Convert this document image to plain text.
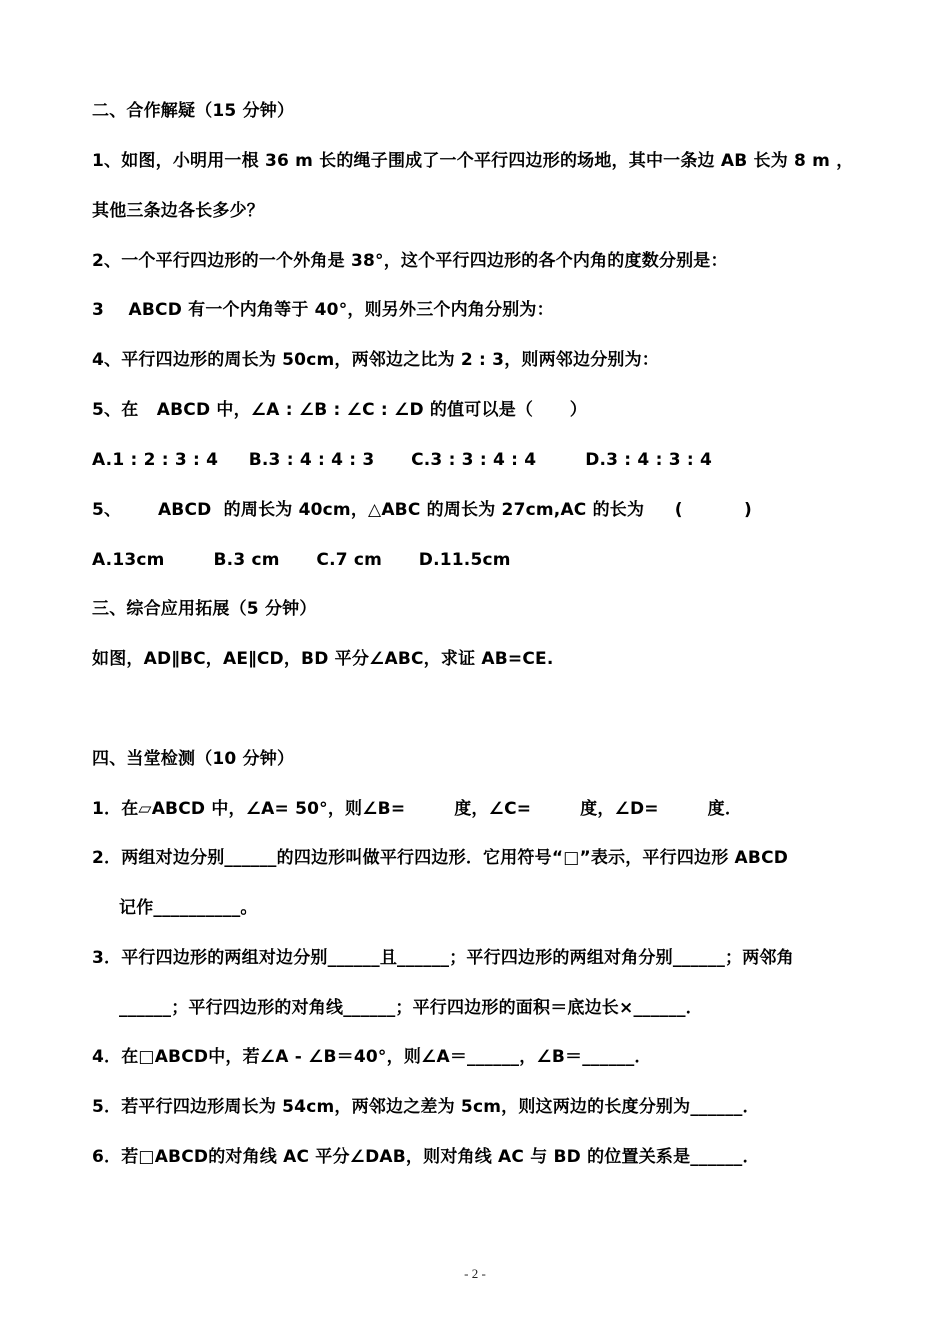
二、合作解疑（15 分钟）
1、如图，小明用一根 36 m 长的绳子围成了一个平行四边形的场地，其中一条边 AB 长为 8 m ，
其他三条边各长多少？
2、一个平行四边形的一个外角是 38°，这个平行四边形的各个内角的度数分别是：
3    ABCD 有一个内角等于 40°，则另外三个内角分别为：
4、平行四边形的周长为 50cm，两邻边之比为 2 : 3，则两邻边分别为：
5、在   ABCD 中，∠A : ∠B : ∠C : ∠D 的值可以是（      ）
A.1 : 2 : 3 : 4     B.3 : 4 : 4 : 3      C.3 : 3 : 4 : 4        D.3 : 4 : 3 : 4
5、      ABCD  的周长为 40cm，△ABC 的周长为 27cm,AC 的长为     (          )
A.13cm        B.3 cm      C.7 cm      D.11.5cm
三、综合应用拓展（5 分钟）
如图，AD∥BC，AE∥CD，BD 平分∠ABC，求证 AB=CE.
四、当堂检测（10 分钟）
1．在▱ABCD 中，∠A= 50°，则∠B=        度，∠C=        度，∠D=        度．
2．两组对边分别______的四边形叫做平行四边形．它用符号“□”表示，平行四边形 ABCD
记作__________。
3．平行四边形的两组对边分别______且______；平行四边形的两组对角分别______；两邻角
______；平行四边形的对角线______；平行四边形的面积＝底边长×______．
4．在□ABCD中，若∠A - ∠B＝40°，则∠A＝______，∠B＝______．
5．若平行四边形周长为 54cm，两邻边之差为 5cm，则这两边的长度分别为______．
6．若□ABCD的对角线 AC 平分∠DAB，则对角线 AC 与 BD 的位置关系是______．
- 2 -
